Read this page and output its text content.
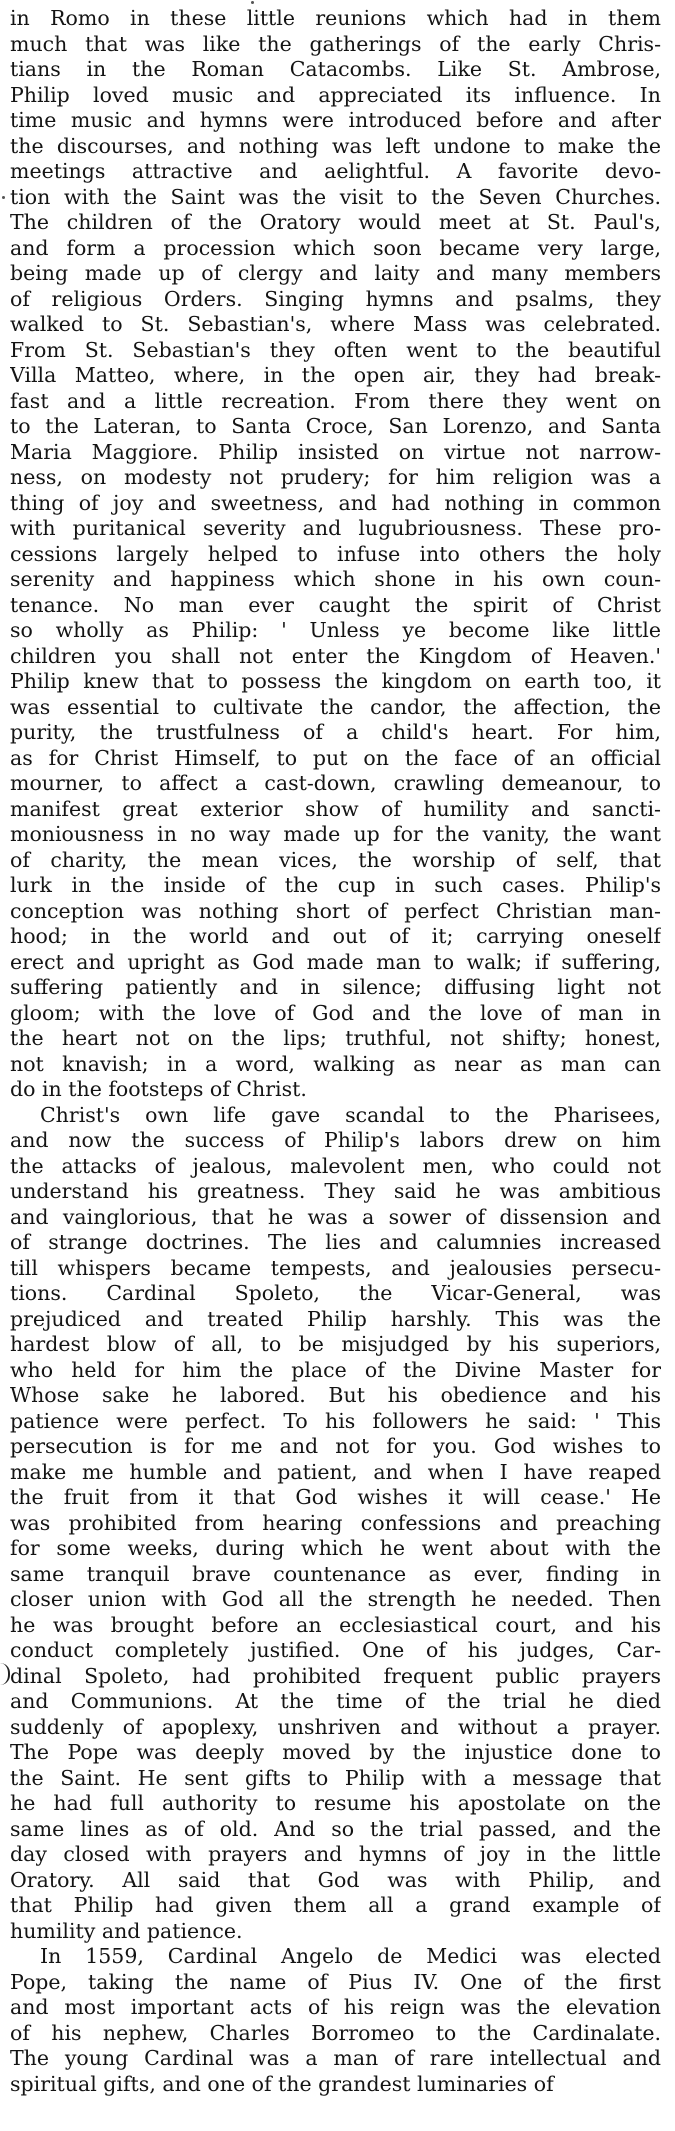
in Romo in these little reunions which had in them
much that was like the gatherings of the early Chris-
tians in the Roman Catacombs. Like St. Ambrose,
Philip loved music and appreciated its influence. In
time music and hymns were introduced before and after
the discourses, and nothing was left undone to make the
meetings attractive and aelightful. A favorite devo-
tion with the Saint was the visit to the Seven Churches.
The children of the Oratory would meet at St. Paul's,
and form a procession which soon became very large,
being made up of clergy and laity and many members
of religious Orders. Singing hymns and psalms, they
walked to St. Sebastian's, where Mass was celebrated.
From St. Sebastian's they often went to the beautiful
Villa Matteo, where, in the open air, they had break-
fast and a little recreation. From there they went on
to the Lateran, to Santa Croce, San Lorenzo, and Santa
Maria Maggiore. Philip insisted on virtue not narrow-
ness, on modesty not prudery; for him religion was a
thing of joy and sweetness, and had nothing in common
with puritanical severity and lugubriousness. These pro-
cessions largely helped to infuse into others the holy
serenity and happiness which shone in his own coun-
tenance. No man ever caught the spirit of Christ
so wholly as Philip: ' Unless ye become like little
children you shall not enter the Kingdom of Heaven.'
Philip knew that to possess the kingdom on earth too, it
was essential to cultivate the candor, the affection, the
purity, the trustfulness of a child's heart. For him,
as for Christ Himself, to put on the face of an official
mourner, to affect a cast-down, crawling demeanour, to
manifest great exterior show of humility and sancti-
moniousness in no way made up for the vanity, the want
of charity, the mean vices, the worship of self, that
lurk in the inside of the cup in such cases. Philip's
conception was nothing short of perfect Christian man-
hood; in the world and out of it; carrying oneself
erect and upright as God made man to walk; if suffering,
suffering patiently and in silence; diffusing light not
gloom; with the love of God and the love of man in
the heart not on the lips; truthful, not shifty; honest,
not knavish; in a word, walking as near as man can
do in the footsteps of Christ.
Christ's own life gave scandal to the Pharisees,
and now the success of Philip's labors drew on him
the attacks of jealous, malevolent men, who could not
understand his greatness. They said he was ambitious
and vainglorious, that he was a sower of dissension and
of strange doctrines. The lies and calumnies increased
till whispers became tempests, and jealousies persecu-
tions. Cardinal Spoleto, the Vicar-General, was
prejudiced and treated Philip harshly. This was the
hardest blow of all, to be misjudged by his superiors,
who held for him the place of the Divine Master for
Whose sake he labored. But his obedience and his
patience were perfect. To his followers he said: ' This
persecution is for me and not for you. God wishes to
make me humble and patient, and when I have reaped
the fruit from it that God wishes it will cease.' He
was prohibited from hearing confessions and preaching
for some weeks, during which he went about with the
same tranquil brave countenance as ever, finding in
closer union with God all the strength he needed. Then
he was brought before an ecclesiastical court, and his
conduct completely justified. One of his judges, Car-
dinal Spoleto, had prohibited frequent public prayers
and Communions. At the time of the trial he died
suddenly of apoplexy, unshriven and without a prayer.
The Pope was deeply moved by the injustice done to
the Saint. He sent gifts to Philip with a message that
he had full authority to resume his apostolate on the
same lines as of old. And so the trial passed, and the
day closed with prayers and hymns of joy in the little
Oratory. All said that God was with Philip, and
that Philip had given them all a grand example of
humility and patience.
In 1559, Cardinal Angelo de Medici was elected
Pope, taking the name of Pius IV. One of the first
and most important acts of his reign was the elevation
of his nephew, Charles Borromeo to the Cardinalate.
The young Cardinal was a man of rare intellectual and
spiritual gifts, and one of the grandest luminaries of
